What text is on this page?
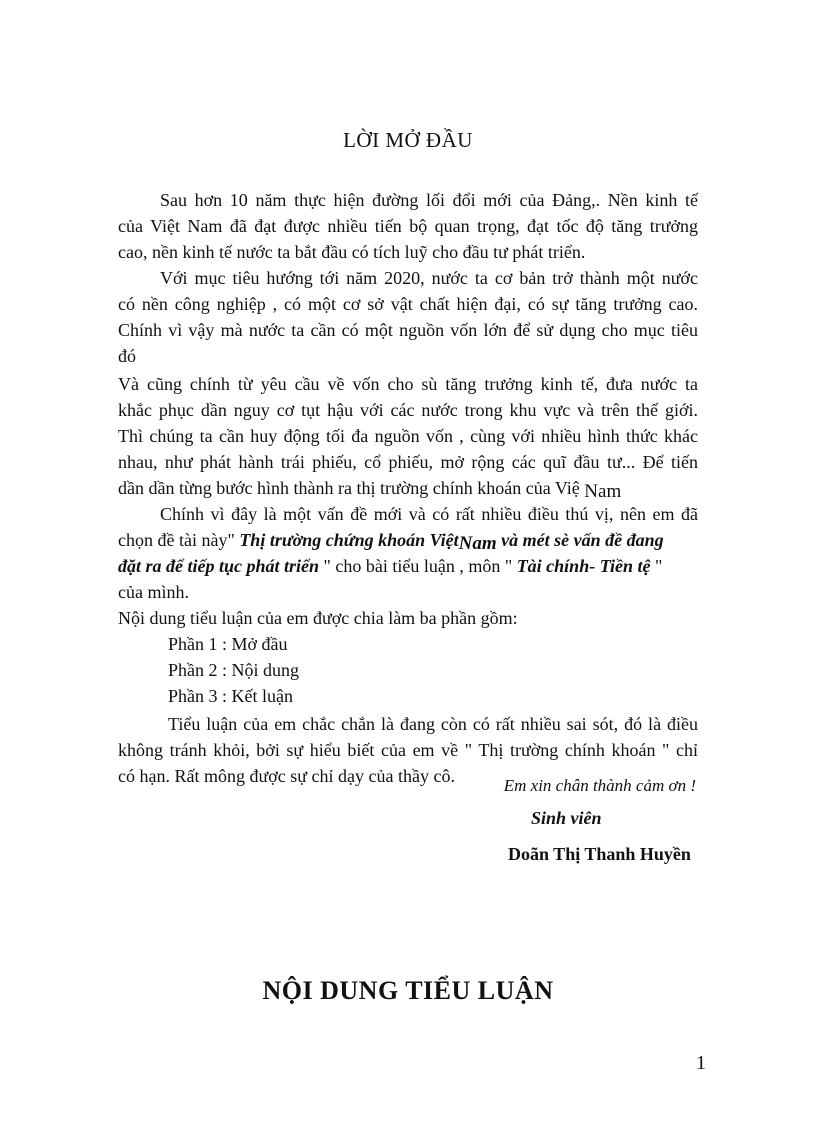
LỜI MỞ ĐẦU
Sau hơn 10 năm thực hiện đường lối đổi mới của Đảng,. Nền kinh tế
của Việt Nam đã đạt được nhiều tiến bộ quan trọng, đạt tốc độ tăng trưởng
cao, nền kinh tế nước ta bắt đầu có tích luỹ cho đầu tư phát triển.
Với mục tiêu hướng tới năm 2020, nước ta cơ bản trở thành một nước
có nền công nghiệp , có một cơ sở vật chất hiện đại, có sự tăng trưởng cao.
Chính vì vậy mà nước ta cần có một nguồn vốn lớn để sử dụng cho mục tiêu
đó
Và cũng chính từ yêu cầu về vốn cho sù tăng trưởng kinh tế, đưa nước ta
khắc phục dần nguy cơ tụt hậu với các nước trong khu vực và trên thế giới.
Thì chúng ta cần huy động tối đa nguồn vốn , cùng với nhiều hình thức khác
nhau, như phát hành trái phiếu, cổ phiếu, mở rộng các quĩ đầu tư... Để tiến
dần dần từng bước hình thành ra thị trường chính khoán của Việ Nam
Chính vì đây là một vấn đề mới và có rất nhiều điều thú vị, nên em đã
chọn đề tài này" Thị trường chứng khoán ViệtNam và mét sè vấn đề đang
đặt ra để tiếp tục phát triển " cho bài tiểu luận , môn " Tài chính- Tiền tệ "
của mình.
Nội dung tiểu luận của em được chia làm ba phần gồm:
Phần 1 : Mở đầu
Phần 2 : Nội dung
Phần 3 : Kết luận
Tiểu luận của em chắc chắn là đang còn có rất nhiều sai sót, đó là điều
không tránh khỏi, bởi sự hiểu biết của em về " Thị trường chính khoán " chỉ
có hạn. Rất mông được sự chỉ dạy của thầy cô.	Em xin chân thành cảm ơn !
Sinh viên
Doãn Thị Thanh Huyền
NỘI DUNG TIỂU LUẬN
1
